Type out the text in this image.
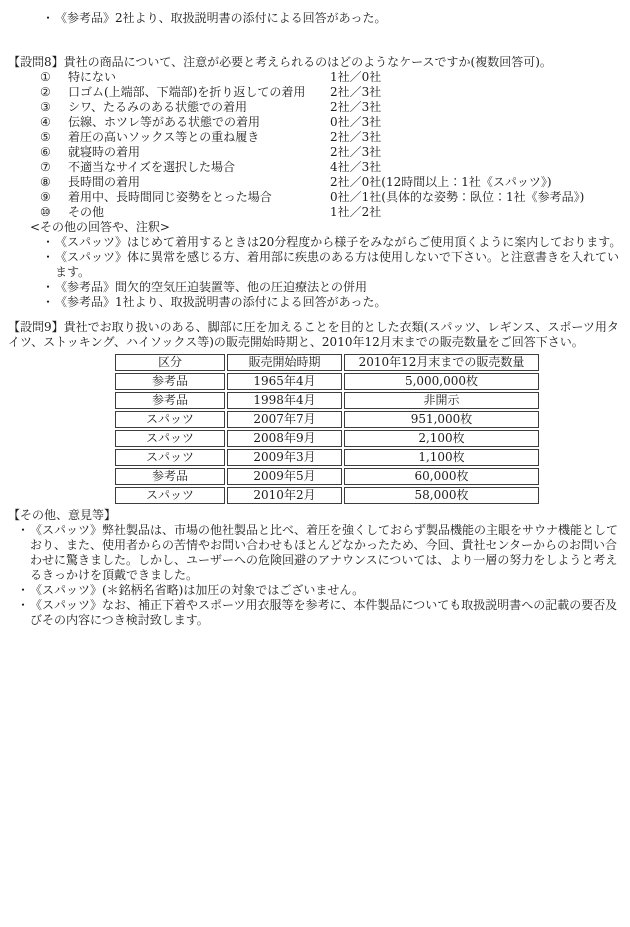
・ 《参考品》2社より、取扱説明書の添付による回答があった。
【設問8】貴社の商品について、注意が必要と考えられるのはどのようなケースですか(複数回答可)。
①	特にない	1社／0社
②	口ゴム(上端部、下端部)を折り返しての着用	2社／3社
③	シワ、たるみのある状態での着用	2社／3社
④	伝線、ホツレ等がある状態での着用	0社／3社
⑤	着圧の高いソックス等との重ね履き	2社／3社
⑥	就寝時の着用	2社／3社
⑦	不適当なサイズを選択した場合	4社／3社
⑧	長時間の着用	2社／0社(12時間以上：1社《スパッツ》)
⑨	着用中、長時間同じ姿勢をとった場合	0社／1社(具体的な姿勢：臥位：1社《参考品》)
⑩	その他	1社／2社
<その他の回答や、注釈>
・ 《スパッツ》はじめて着用するときは20分程度から様子をみながらご使用頂くように案内しております。
・ 《スパッツ》体に異常を感じる方、着用部に疾患のある方は使用しないで下さい。と注意書きを入れています。
・ 《参考品》間欠的空気圧迫装置等、他の圧迫療法との併用
・ 《参考品》1社より、取扱説明書の添付による回答があった。
【設問9】貴社でお取り扱いのある、脚部に圧を加えることを目的とした衣類(スパッツ、レギンス、スポーツ用タイツ、ストッキング、ハイソックス等)の販売開始時期と、2010年12月末までの販売数量をご回答下さい。
区分	販売開始時期	2010年12月末までの販売数量
参考品	1965年4月	5,000,000枚
参考品	1998年4月	非開示
スパッツ	2007年7月	951,000枚
スパッツ	2008年9月	2,100枚
スパッツ	2009年3月	1,100枚
参考品	2009年5月	60,000枚
スパッツ	2010年2月	58,000枚
【その他、意見等】
・ 《スパッツ》弊社製品は、市場の他社製品と比べ、着圧を強くしておらず製品機能の主眼をサウナ機能としており、また、使用者からの苦情やお問い合わせもほとんどなかったため、今回、貴社センターからのお問い合わせに驚きました。しかし、ユーザーへの危険回避のアナウンスについては、より一層の努力をしようと考えるきっかけを頂戴できました。
・ 《スパッツ》(＊銘柄名省略)は加圧の対象ではございません。
・ 《スパッツ》なお、補正下着やスポーツ用衣服等を参考に、本件製品についても取扱説明書への記載の要否及びその内容につき検討致します。
